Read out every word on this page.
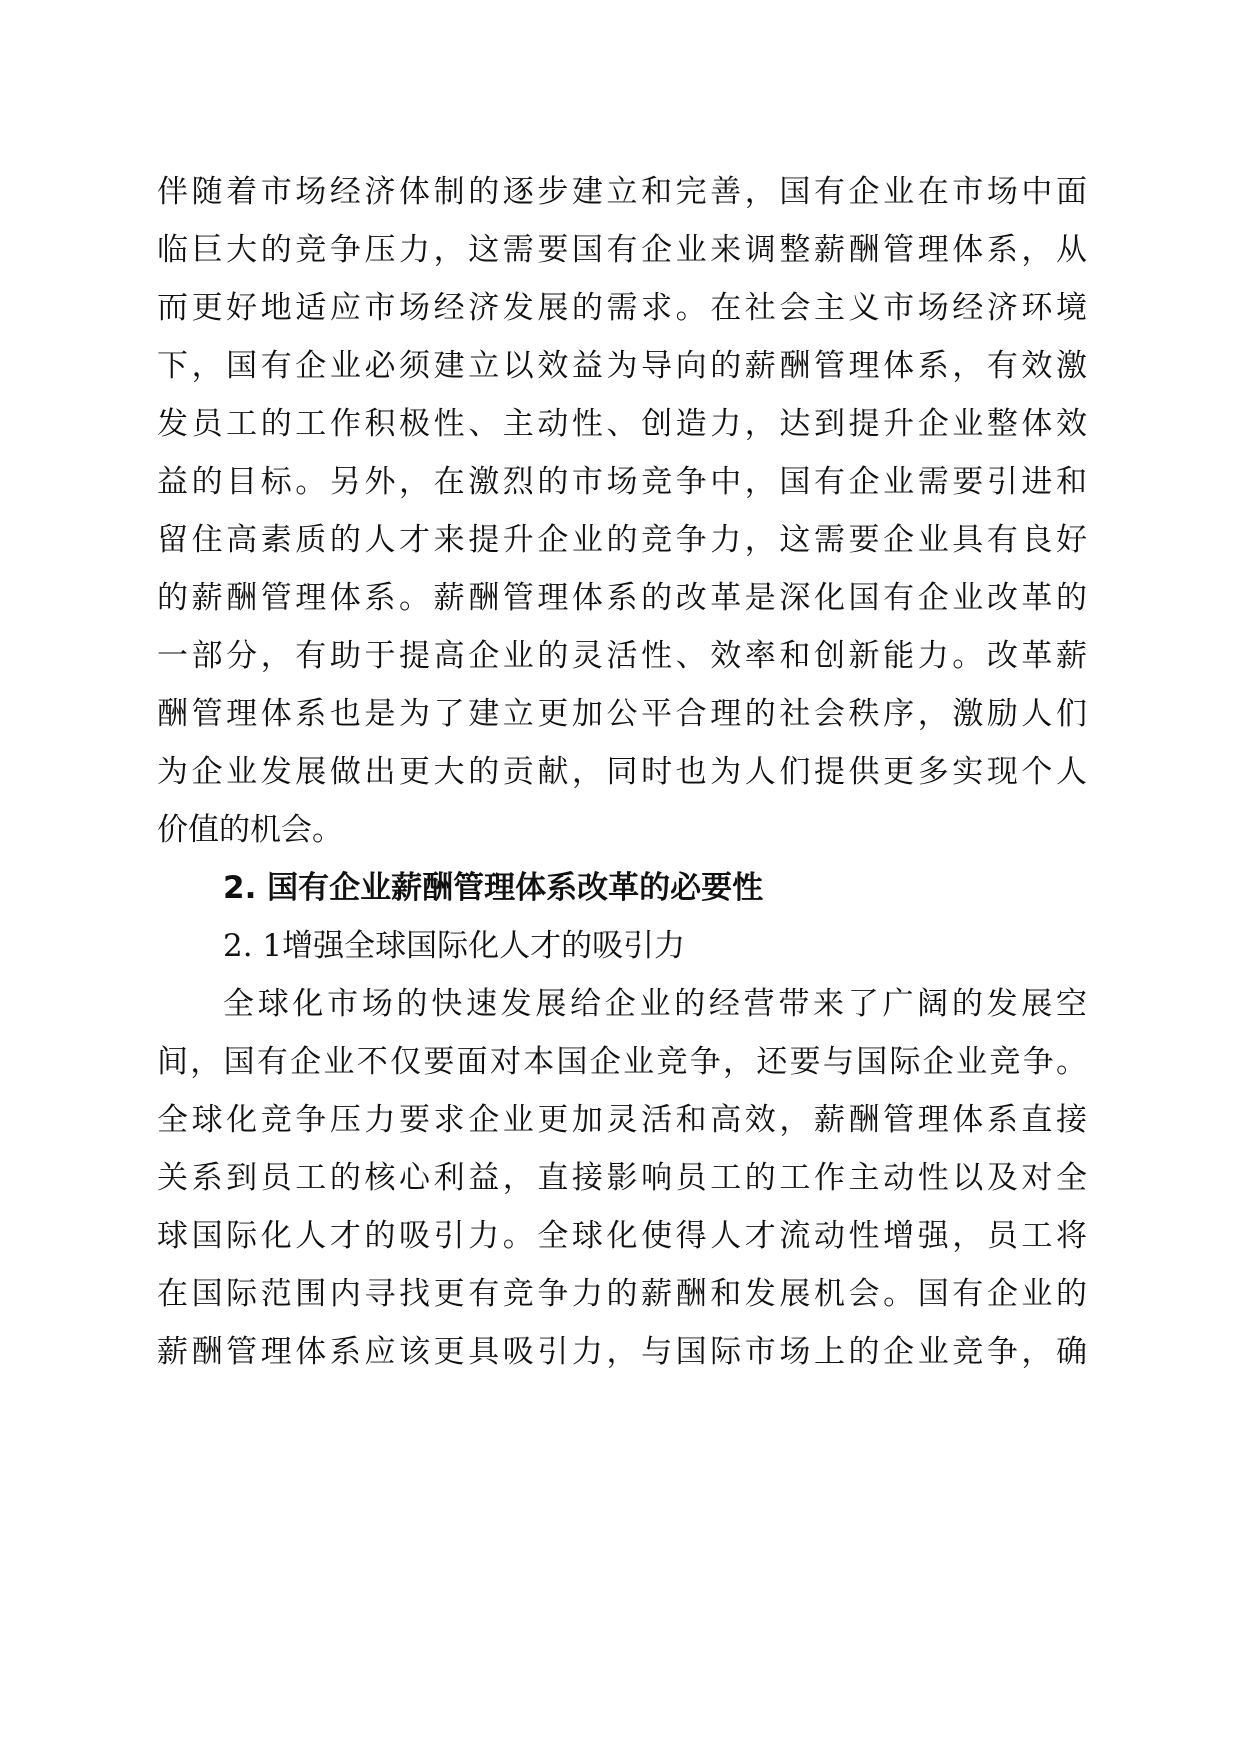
伴随着市场经济体制的逐步建立和完善，国有企业在市场中面
临巨大的竞争压力，这需要国有企业来调整薪酬管理体系，从
而更好地适应市场经济发展的需求。在社会主义市场经济环境
下，国有企业必须建立以效益为导向的薪酬管理体系，有效激
发员工的工作积极性、主动性、创造力，达到提升企业整体效
益的目标。另外，在激烈的市场竞争中，国有企业需要引进和
留住高素质的人才来提升企业的竞争力，这需要企业具有良好
的薪酬管理体系。薪酬管理体系的改革是深化国有企业改革的
一部分，有助于提高企业的灵活性、效率和创新能力。改革薪
酬管理体系也是为了建立更加公平合理的社会秩序，激励人们
为企业发展做出更大的贡献，同时也为人们提供更多实现个人
价值的机会。
2. 国有企业薪酬管理体系改革的必要性
2. 1增强全球国际化人才的吸引力
全球化市场的快速发展给企业的经营带来了广阔的发展空
间，国有企业不仅要面对本国企业竞争，还要与国际企业竞争。
全球化竞争压力要求企业更加灵活和高效，薪酬管理体系直接
关系到员工的核心利益，直接影响员工的工作主动性以及对全
球国际化人才的吸引力。全球化使得人才流动性增强，员工将
在国际范围内寻找更有竞争力的薪酬和发展机会。国有企业的
薪酬管理体系应该更具吸引力，与国际市场上的企业竞争，确
